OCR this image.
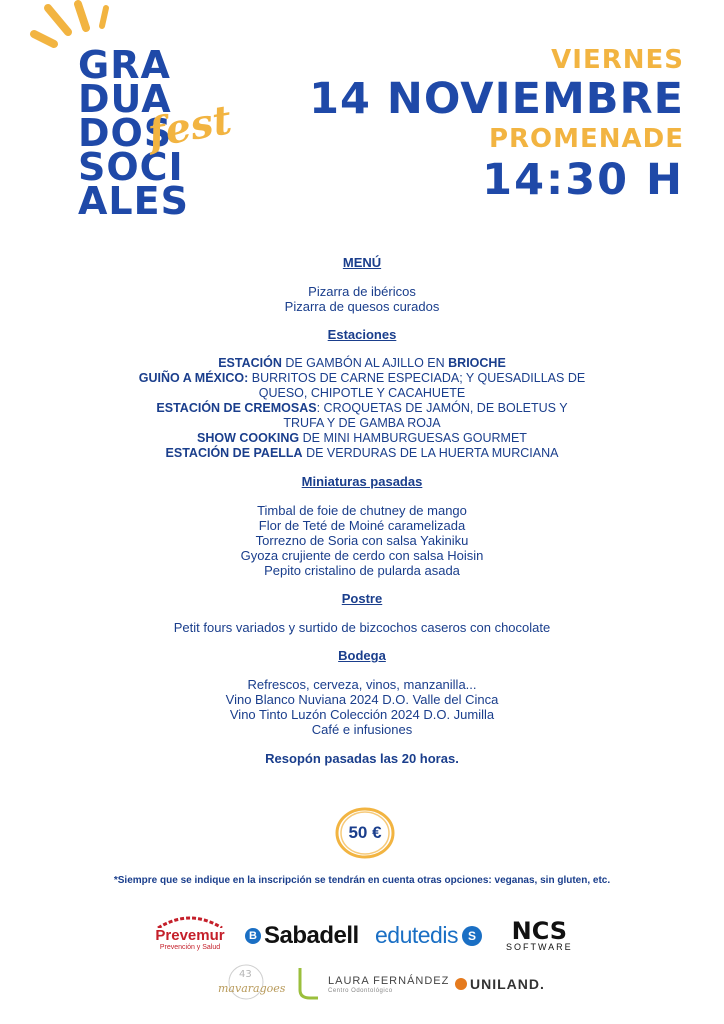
GRA
DUA
DOS
SOCI
ALES
fest
VIERNES
14 NOVIEMBRE
PROMENADE
14:30 H
MENÚ
Pizarra de ibéricos
Pizarra de quesos curados
Estaciones
ESTACIÓN DE GAMBÓN AL AJILLO EN BRIOCHE
GUIÑO A MÉXICO: BURRITOS DE CARNE ESPECIADA; Y QUESADILLAS DE
QUESO, CHIPOTLE Y CACAHUETE
ESTACIÓN DE CREMOSAS: CROQUETAS DE JAMÓN, DE BOLETUS Y
TRUFA Y DE GAMBA ROJA
SHOW COOKING DE MINI HAMBURGUESAS GOURMET
ESTACIÓN DE PAELLA DE VERDURAS DE LA HUERTA MURCIANA
Miniaturas pasadas
Timbal de foie de chutney de mango
Flor de Teté de Moiné caramelizada
Torrezno de Soria con salsa Yakiniku
Gyoza crujiente de cerdo con salsa Hoisin
Pepito cristalino de pularda asada
Postre
Petit fours variados y surtido de bizcochos caseros con chocolate
Bodega
Refrescos, cerveza, vinos, manzanilla...
Vino Blanco Nuviana 2024 D.O. Valle del Cinca
Vino Tinto Luzón Colección 2024 D.O. Jumilla
Café e infusiones
Resopón pasadas las 20 horas.
50 €
*Siempre que se indique en la inscripción se tendrán en cuenta otras opciones: veganas, sin gluten, etc.
Prevemur
Prevención y Salud
B Sabadell edutedis S NCS
SOFTWARE
43
mavaragoes
LAURA FERNÁNDEZ
Centro Odontológico	UNILAND.
